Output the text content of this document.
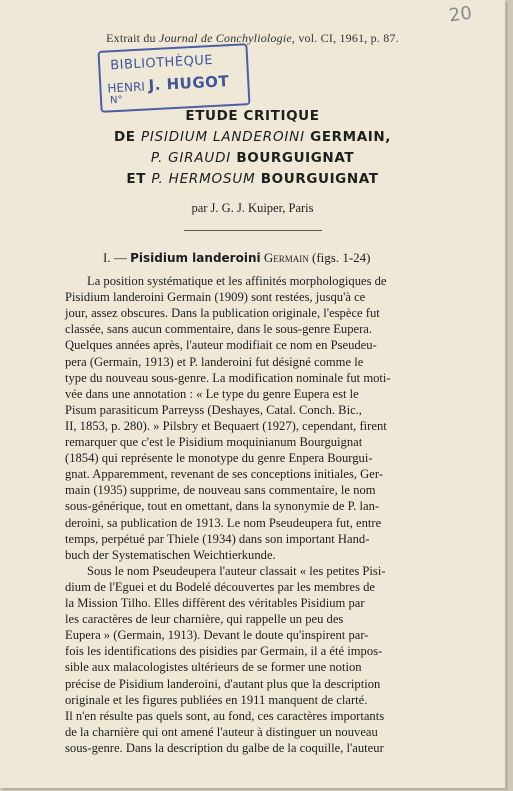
20
Extrait du Journal de Conchyliologie, vol. CI, 1961, p. 87.
BIBLIOTHÈQUE
HENRI J. HUGOT
N°
ETUDE CRITIQUE
DE PISIDIUM LANDEROINI GERMAIN,
P. GIRAUDI BOURGUIGNAT
ET P. HERMOSUM BOURGUIGNAT
par J. G. J. Kuiper, Paris
I. — Pisidium landeroini Germain (figs. 1-24)
La position systématique et les affinités morphologiques de
Pisidium landeroini Germain (1909) sont restées, jusqu'à ce
jour, assez obscures. Dans la publication originale, l'espèce fut
classée, sans aucun commentaire, dans le sous-genre Eupera.
Quelques années après, l'auteur modifiait ce nom en Pseudeu-
pera (Germain, 1913) et P. landeroini fut désigné comme le
type du nouveau sous-genre. La modification nominale fut moti-
vée dans une annotation : « Le type du genre Eupera est le
Pisum parasiticum Parreyss (Deshayes, Catal. Conch. Bic.,
II, 1853, p. 280). » Pilsbry et Bequaert (1927), cependant, firent
remarquer que c'est le Pisidium moquinianum Bourguignat
(1854) qui représente le monotype du genre Enpera Bourgui-
gnat. Apparemment, revenant de ses conceptions initiales, Ger-
main (1935) supprime, de nouveau sans commentaire, le nom
sous-générique, tout en omettant, dans la synonymie de P. lan-
deroini, sa publication de 1913. Le nom Pseudeupera fut, entre
temps, perpétué par Thiele (1934) dans son important Hand-
buch der Systematischen Weichtierkunde.
Sous le nom Pseudeupera l'auteur classait « les petites Pisi-
dium de l'Eguei et du Bodelé découvertes par les membres de
la Mission Tilho. Elles diffèrent des véritables Pisidium par
les caractères de leur charnière, qui rappelle un peu des
Eupera » (Germain, 1913). Devant le doute qu'inspirent par-
fois les identifications des pisidies par Germain, il a été impos-
sible aux malacologistes ultérieurs de se former une notion
précise de Pisidium landeroini, d'autant plus que la description
originale et les figures publiées en 1911 manquent de clarté.
Il n'en résulte pas quels sont, au fond, ces caractères importants
de la charnière qui ont amené l'auteur à distinguer un nouveau
sous-genre. Dans la description du galbe de la coquille, l'auteur
